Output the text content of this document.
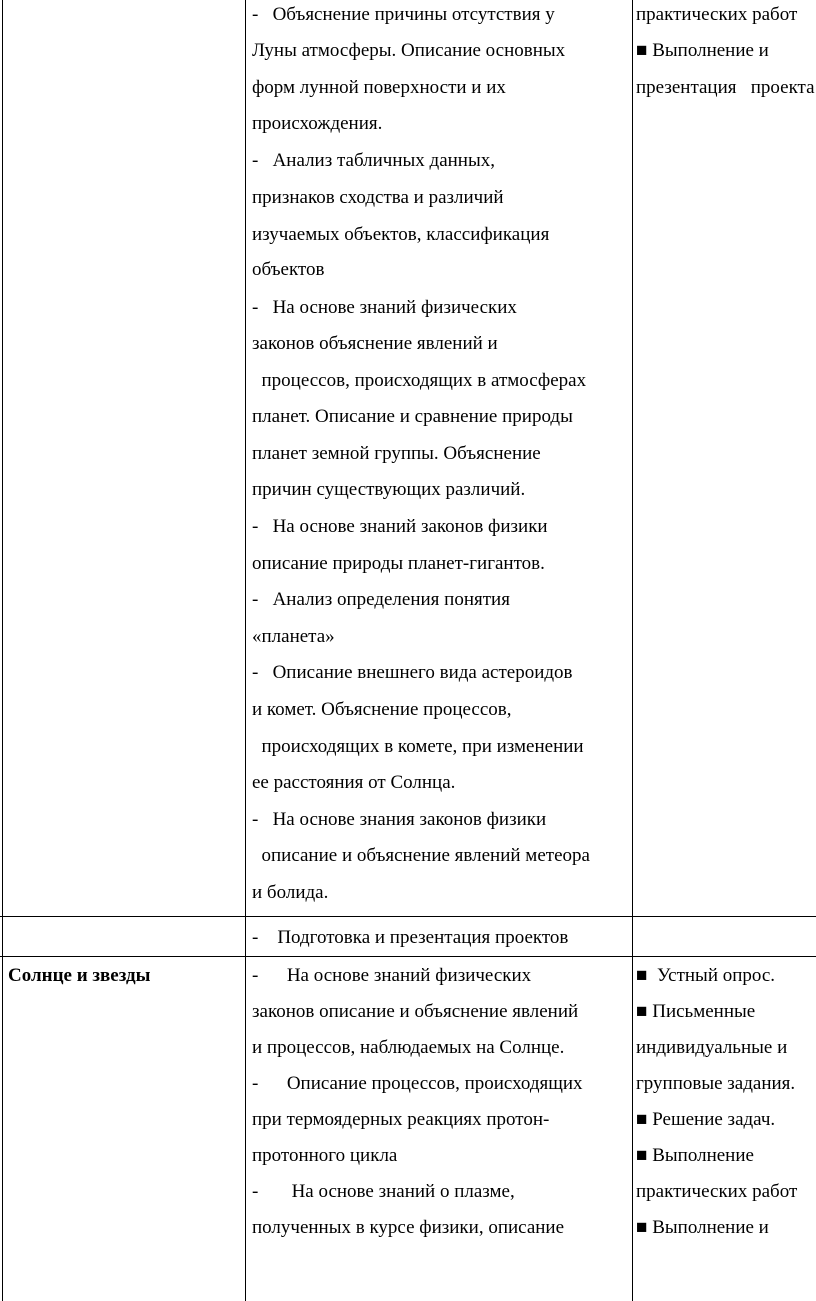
-   Объяснение причины отсутствия у
Луны атмосферы. Описание основных
форм лунной поверхности и их
происхождения.
-   Анализ табличных данных,
признаков сходства и различий
изучаемых объектов, классификация
объектов
-   На основе знаний физических
законов объяснение явлений и
процессов, происходящих в атмосферах
планет. Описание и сравнение природы
планет земной группы. Объяснение
причин существующих различий.
-   На основе знаний законов физики
описание природы планет-гигантов.
-   Анализ определения понятия
«планета»
-   Описание внешнего вида астероидов
и комет. Объяснение процессов,
происходящих в комете, при изменении
ее расстояния от Солнца.
-   На основе знания законов физики
описание и объяснение явлений метеора
и болида.
практических работ
■ Выполнение и
презентация   проекта
-    Подготовка и презентация проектов
Солнце и звезды	-      На основе знаний физических
законов описание и объяснение явлений
и процессов, наблюдаемых на Солнце.
-      Описание процессов, происходящих
при термоядерных реакциях протон-
протонного цикла
-       На основе знаний о плазме,
полученных в курсе физики, описание
■  Устный опрос.
■ Письменные
индивидуальные и
групповые задания.
■ Решение задач.
■ Выполнение
практических работ
■ Выполнение и
